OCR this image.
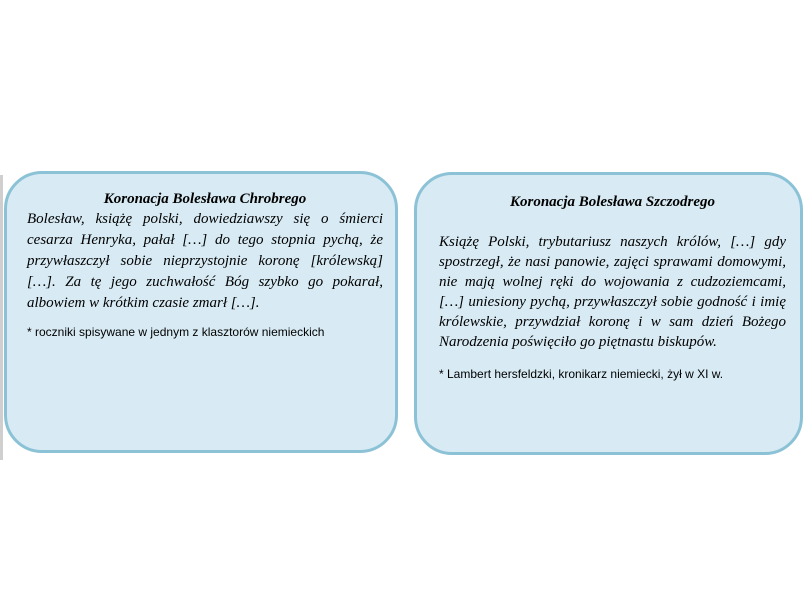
Koronacja Bolesława Chrobrego

Bolesław, książę polski, dowiedziawszy się o śmierci cesarza Henryka, pałał […] do tego stopnia pychą, że przywłaszczył sobie nieprzystojnie koronę [królewską] […]. Za tę jego zuchwałość Bóg szybko go pokarał, albowiem w krótkim czasie zmarł […].

* roczniki spisywane w jednym z klasztorów niemieckich

Koronacja Bolesława Szczodrego

Książę Polski, trybutariusz naszych królów, […] gdy spostrzegł, że nasi panowie, zajęci sprawami domowymi, nie mają wolnej ręki do wojowania z cudzoziemcami, […] uniesiony pychą, przywłaszczył sobie godność i imię królewskie, przywdział koronę i w sam dzień Bożego Narodzenia poświęciło go piętnastu biskupów.

* Lambert hersfeldzki, kronikarz niemiecki, żył w XI w.
